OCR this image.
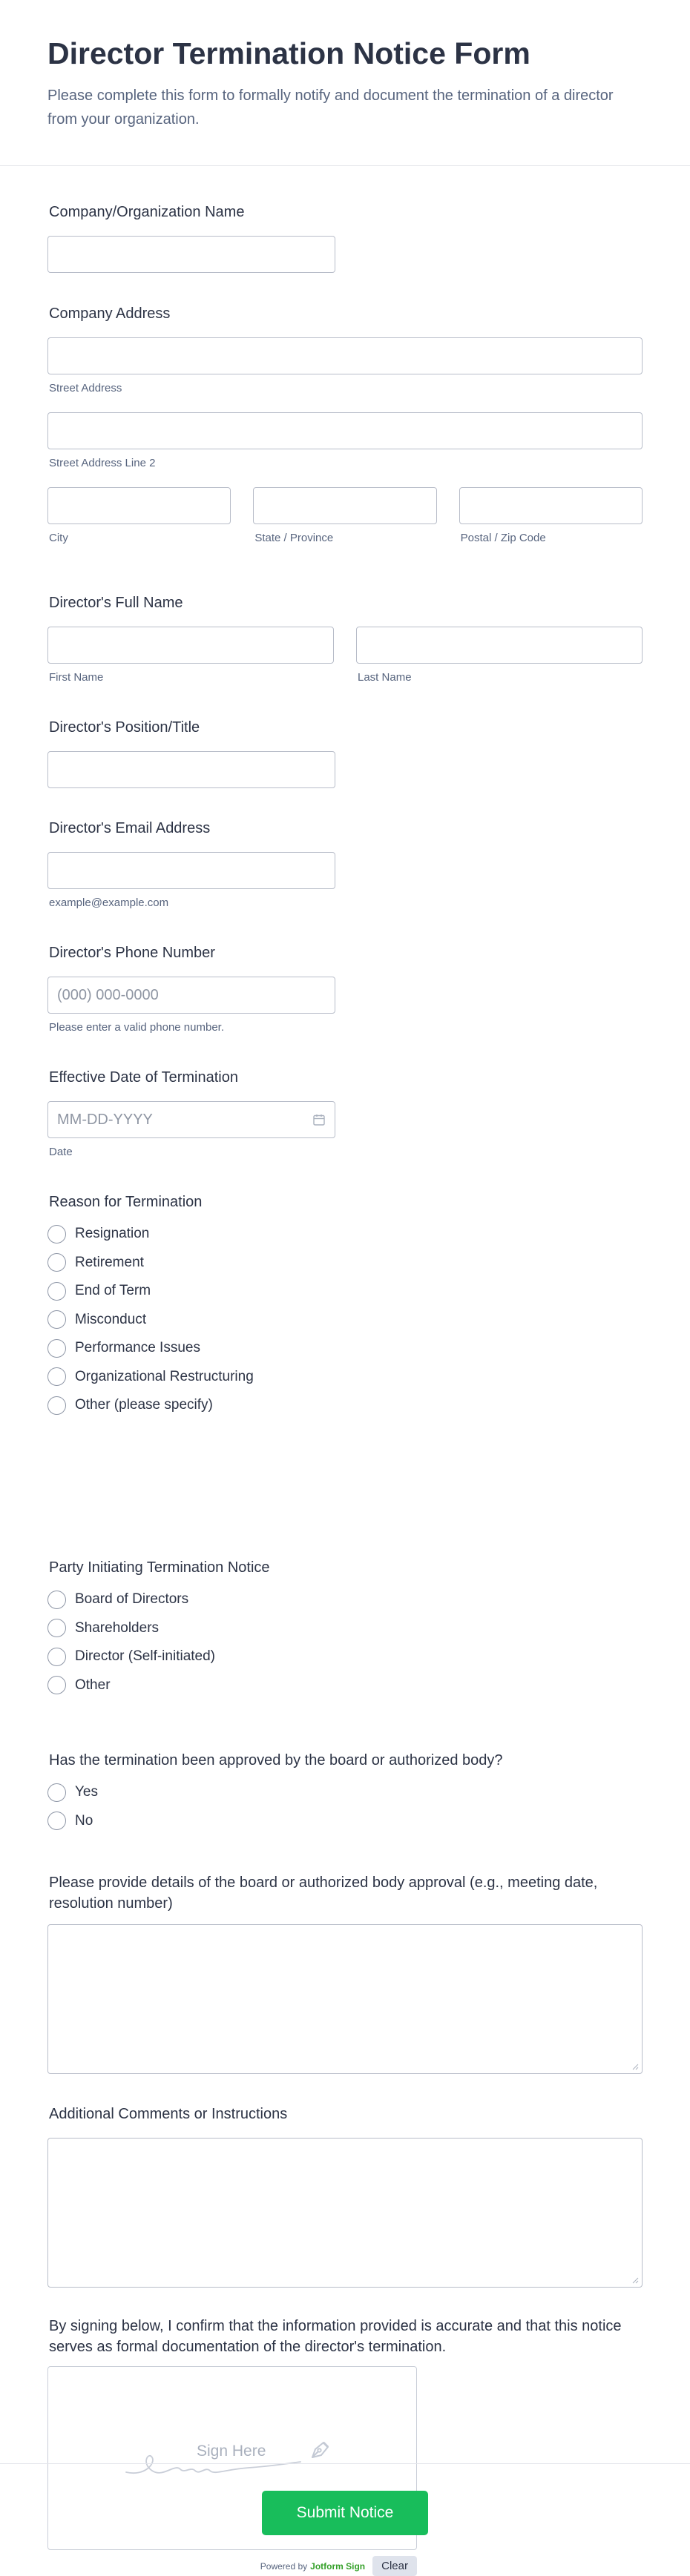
Director Termination Notice Form

Please complete this form to formally notify and document the termination of a director from your organization.

Company/Organization Name
Company Address
Street Address
Street Address Line 2
City	State / Province	Postal / Zip Code
Director's Full Name
First Name	Last Name
Director's Position/Title
Director's Email Address
example@example.com
Director's Phone Number
(000) 000-0000
Please enter a valid phone number.
Effective Date of Termination
MM-DD-YYYY
Date
Reason for Termination
Resignation
Retirement
End of Term
Misconduct
Performance Issues
Organizational Restructuring
Other (please specify)
Party Initiating Termination Notice
Board of Directors
Shareholders
Director (Self-initiated)
Other
Has the termination been approved by the board or authorized body?
Yes
No
Please provide details of the board or authorized body approval (e.g., meeting date, resolution number)
Additional Comments or Instructions
By signing below, I confirm that the information provided is accurate and that this notice serves as formal documentation of the director's termination.
Sign Here
Powered by Jotform Sign	Clear
Submit Notice
